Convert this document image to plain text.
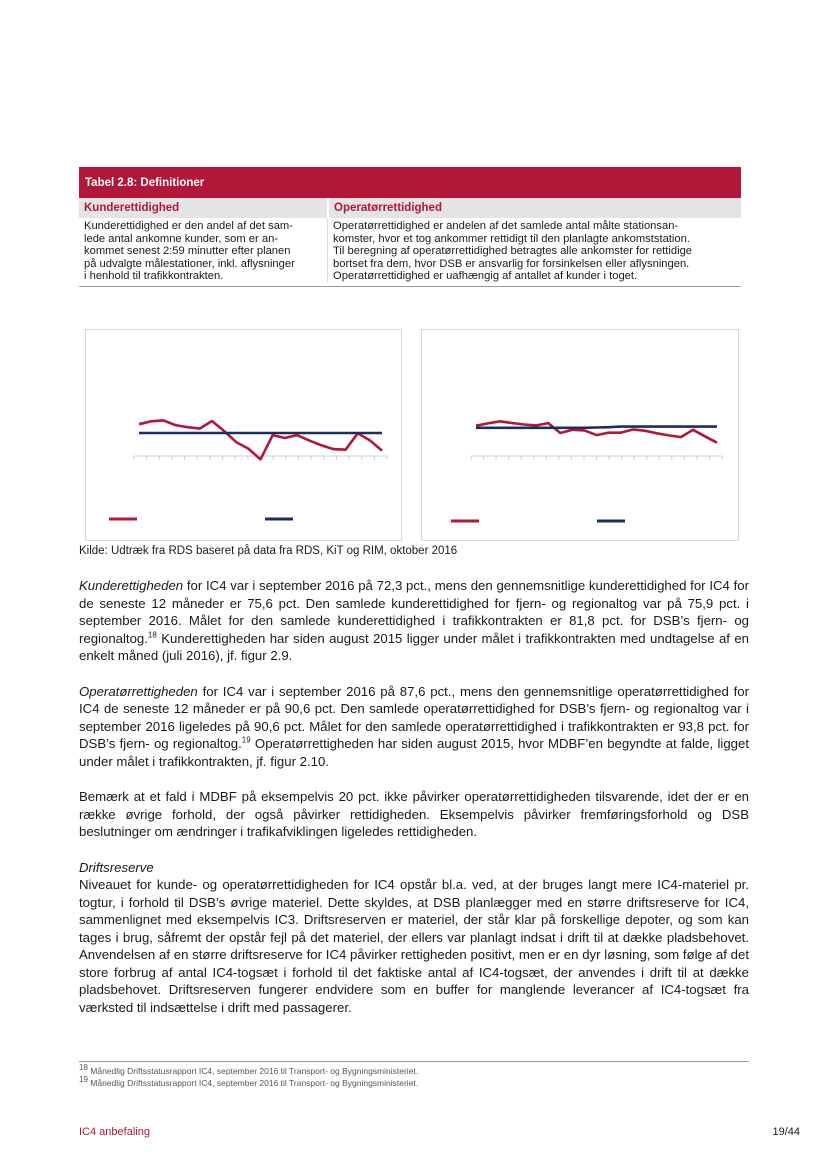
Tabel 2.8: Definitioner
Kunderettidighed	Operatørrettidighed
Kunderettidighed er den andel af det sam-
lede antal ankomne kunder, som er an-
kommet senest 2:59 minutter efter planen
på udvalgte målestationer, inkl. aflysninger
i henhold til trafikkontrakten.
Operatørrettidighed er andelen af det samlede antal målte stationsan-
komster, hvor et tog ankommer rettidigt til den planlagte ankomststation.
Til beregning af operatørrettidighed betragtes alle ankomster for rettidige
bortset fra dem, hvor DSB er ansvarlig for forsinkelsen eller aflysningen.
Operatørrettidighed er uafhængig af antallet af kunder i toget.
Kilde: Udtræk fra RDS baseret på data fra RDS, KiT og RIM, oktober 2016

Kunderettigheden for IC4 var i september 2016 på 72,3 pct., mens den gennemsnitlige kunderettidighed for IC4 for de seneste 12 måneder er 75,6 pct. Den samlede kunderettidighed for fjern- og regionaltog var på 75,9 pct. i september 2016. Målet for den samlede kunderettidighed i trafikkontrakten er 81,8 pct. for DSB’s fjern- og regionaltog.$^{18}$ Kunderettigheden har siden august 2015 ligger under målet i trafikkontrakten med undtagelse af en enkelt måned (juli 2016), jf. figur 2.9.

Operatørrettigheden for IC4 var i september 2016 på 87,6 pct., mens den gennemsnitlige operatørrettidighed for IC4 de seneste 12 måneder er på 90,6 pct. Den samlede operatørrettidighed for DSB’s fjern- og regionaltog var i september 2016 ligeledes på 90,6 pct. Målet for den samlede operatørrettidighed i trafikkontrakten er 93,8 pct. for DSB’s fjern- og regionaltog.$^{19}$ Operatørrettigheden har siden august 2015, hvor MDBF’en begyndte at falde, ligget under målet i trafikkontrakten, jf. figur 2.10.

Bemærk at et fald i MDBF på eksempelvis 20 pct. ikke påvirker operatørrettidigheden tilsvarende, idet der er en række øvrige forhold, der også påvirker rettidigheden. Eksempelvis påvirker fremføringsforhold og DSB beslutninger om ændringer i trafikafviklingen ligeledes rettidigheden.

Driftsreserve

Niveauet for kunde- og operatørrettidigheden for IC4 opstår bl.a. ved, at der bruges langt mere IC4-materiel pr. togtur, i forhold til DSB’s øvrige materiel. Dette skyldes, at DSB planlægger med en større driftsreserve for IC4, sammenlignet med eksempelvis IC3. Driftsreserven er materiel, der står klar på forskellige depoter, og som kan tages i brug, såfremt der opstår fejl på det materiel, der ellers var planlagt indsat i drift til at dække pladsbehovet. Anvendelsen af en større driftsreserve for IC4 påvirker rettigheden positivt, men er en dyr løsning, som følge af det store forbrug af antal IC4-togsæt i forhold til det faktiske antal af IC4-togsæt, der anvendes i drift til at dække pladsbehovet. Driftsreserven fungerer endvidere som en buffer for manglende leverancer af IC4-togsæt fra værksted til indsættelse i drift med passagerer.

$^{18}$ Månedlig Driftsstatusrapport IC4, september 2016 til Transport- og Bygningsministeriet.
$^{19}$ Månedlig Driftsstatusrapport IC4, september 2016 til Transport- og Bygningsministeriet.
IC4 anbefaling	19/44
